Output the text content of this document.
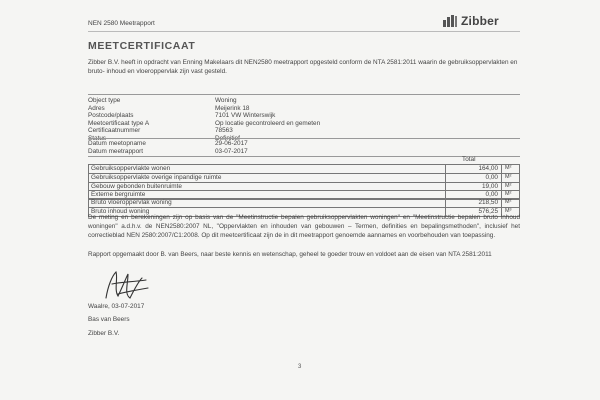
NEN 2580 Meetrapport	Zibber
MEETCERTIFICAAT
Zibber B.V. heeft in opdracht van Enning Makelaars dit NEN2580 meetrapport opgesteld conform de NTA 2581:2011 waarin de gebruiksoppervlakten en bruto- inhoud en vloeroppervlak zijn vast gesteld.
Object type	Woning
Adres	Meijerink 18
Postcode/plaats	7101 VW Winterswijk
Meetcertificaat type A	Op locatie gecontroleerd en gemeten
Certificaatnummer	78563
Status	Definitief
Datum meetopname	29-06-2017
Datum meetrapport	03-07-2017
Total
Gebruiksoppervlakte wonen	164,00	M²
Gebruiksoppervlakte overige inpandige ruimte	0,00	M²
Gebouw gebonden buitenruimte	19,00	M²
Externe bergruimte	0,00	M²
Bruto vloeroppervlak woning	218,50	M²
Bruto inhoud woning	576,25	M³
De meting en berekeningen zijn op basis van de "Meetinstructie bepalen gebruiksoppervlakten woningen" en "Meetinstructie bepalen bruto inhoud woningen" a.d.h.v. de NEN2580:2007 NL, "Oppervlakten en inhouden van gebouwen – Termen, definities en bepalingsmethoden", inclusief het correctieblad NEN 2580:2007/C1:2008. Op dit meetcertificaat zijn de in dit meetrapport genoemde aannames en voorbehouden van toepassing.
Rapport opgemaakt door B. van Beers, naar beste kennis en wetenschap, geheel te goeder trouw en voldoet aan de eisen van NTA 2581:2011
Waalre, 03-07-2017
Bas van Beers
Zibber B.V.
3
